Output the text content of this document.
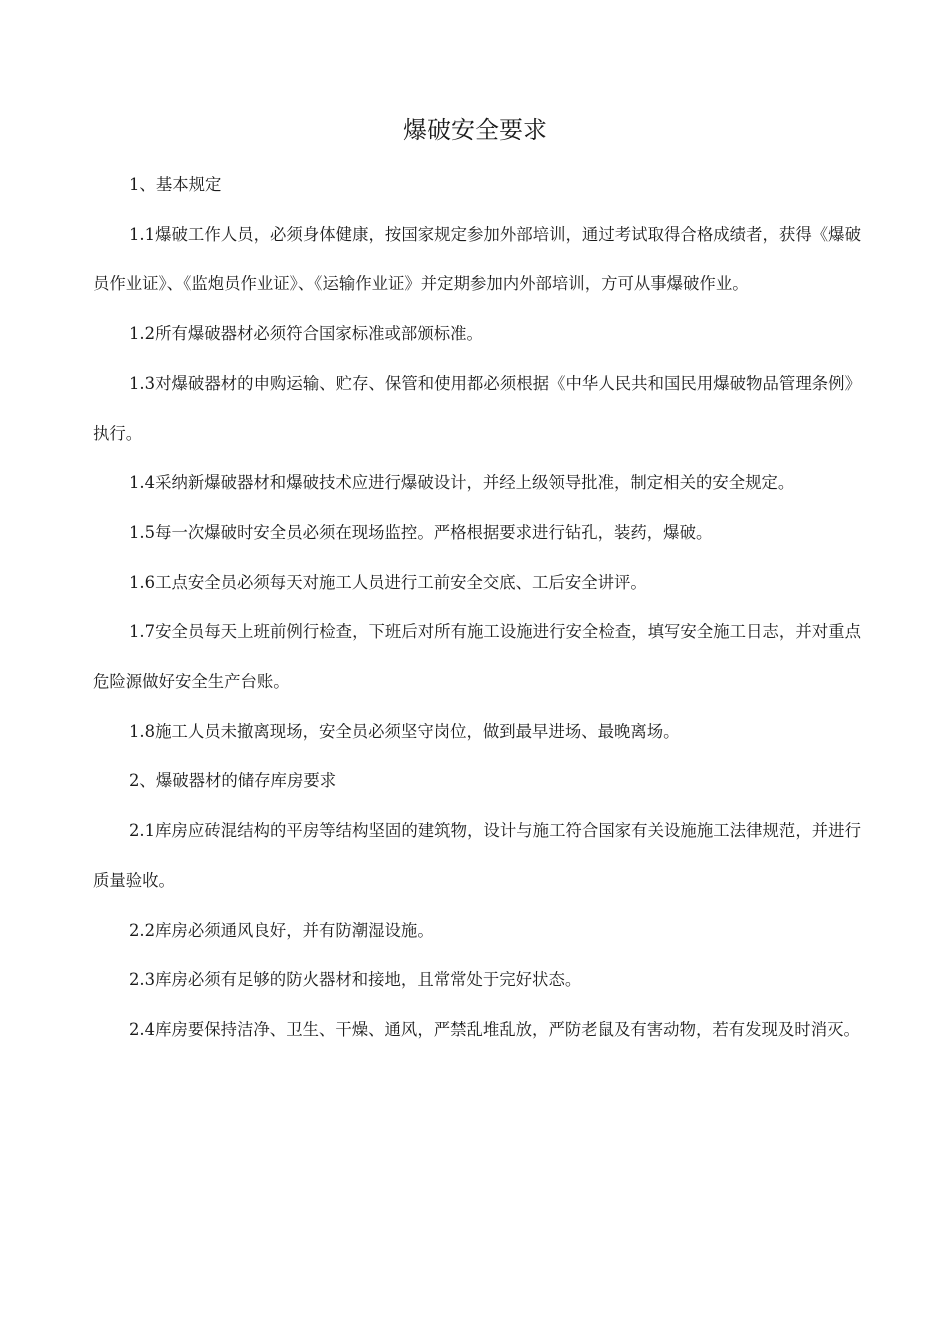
爆破安全要求

1、基本规定

1.1爆破工作人员，必须身体健康，按国家规定参加外部培训，通过考试取得合格成绩者，获得《爆破员作业证》、《监炮员作业证》、《运输作业证》并定期参加内外部培训，方可从事爆破作业。

1.2所有爆破器材必须符合国家标准或部颁标准。

1.3对爆破器材的申购运输、贮存、保管和使用都必须根据《中华人民共和国民用爆破物品管理条例》执行。

1.4采纳新爆破器材和爆破技术应进行爆破设计，并经上级领导批准，制定相关的安全规定。

1.5每一次爆破时安全员必须在现场监控。严格根据要求进行钻孔，装药，爆破。

1.6工点安全员必须每天对施工人员进行工前安全交底、工后安全讲评。

1.7安全员每天上班前例行检查，下班后对所有施工设施进行安全检查，填写安全施工日志，并对重点危险源做好安全生产台账。

1.8施工人员未撤离现场，安全员必须坚守岗位，做到最早进场、最晚离场。

2、爆破器材的储存库房要求

2.1库房应砖混结构的平房等结构坚固的建筑物，设计与施工符合国家有关设施施工法律规范，并进行质量验收。

2.2库房必须通风良好，并有防潮湿设施。

2.3库房必须有足够的防火器材和接地，且常常处于完好状态。

2.4库房要保持洁净、卫生、干燥、通风，严禁乱堆乱放，严防老鼠及有害动物，若有发现及时消灭。
